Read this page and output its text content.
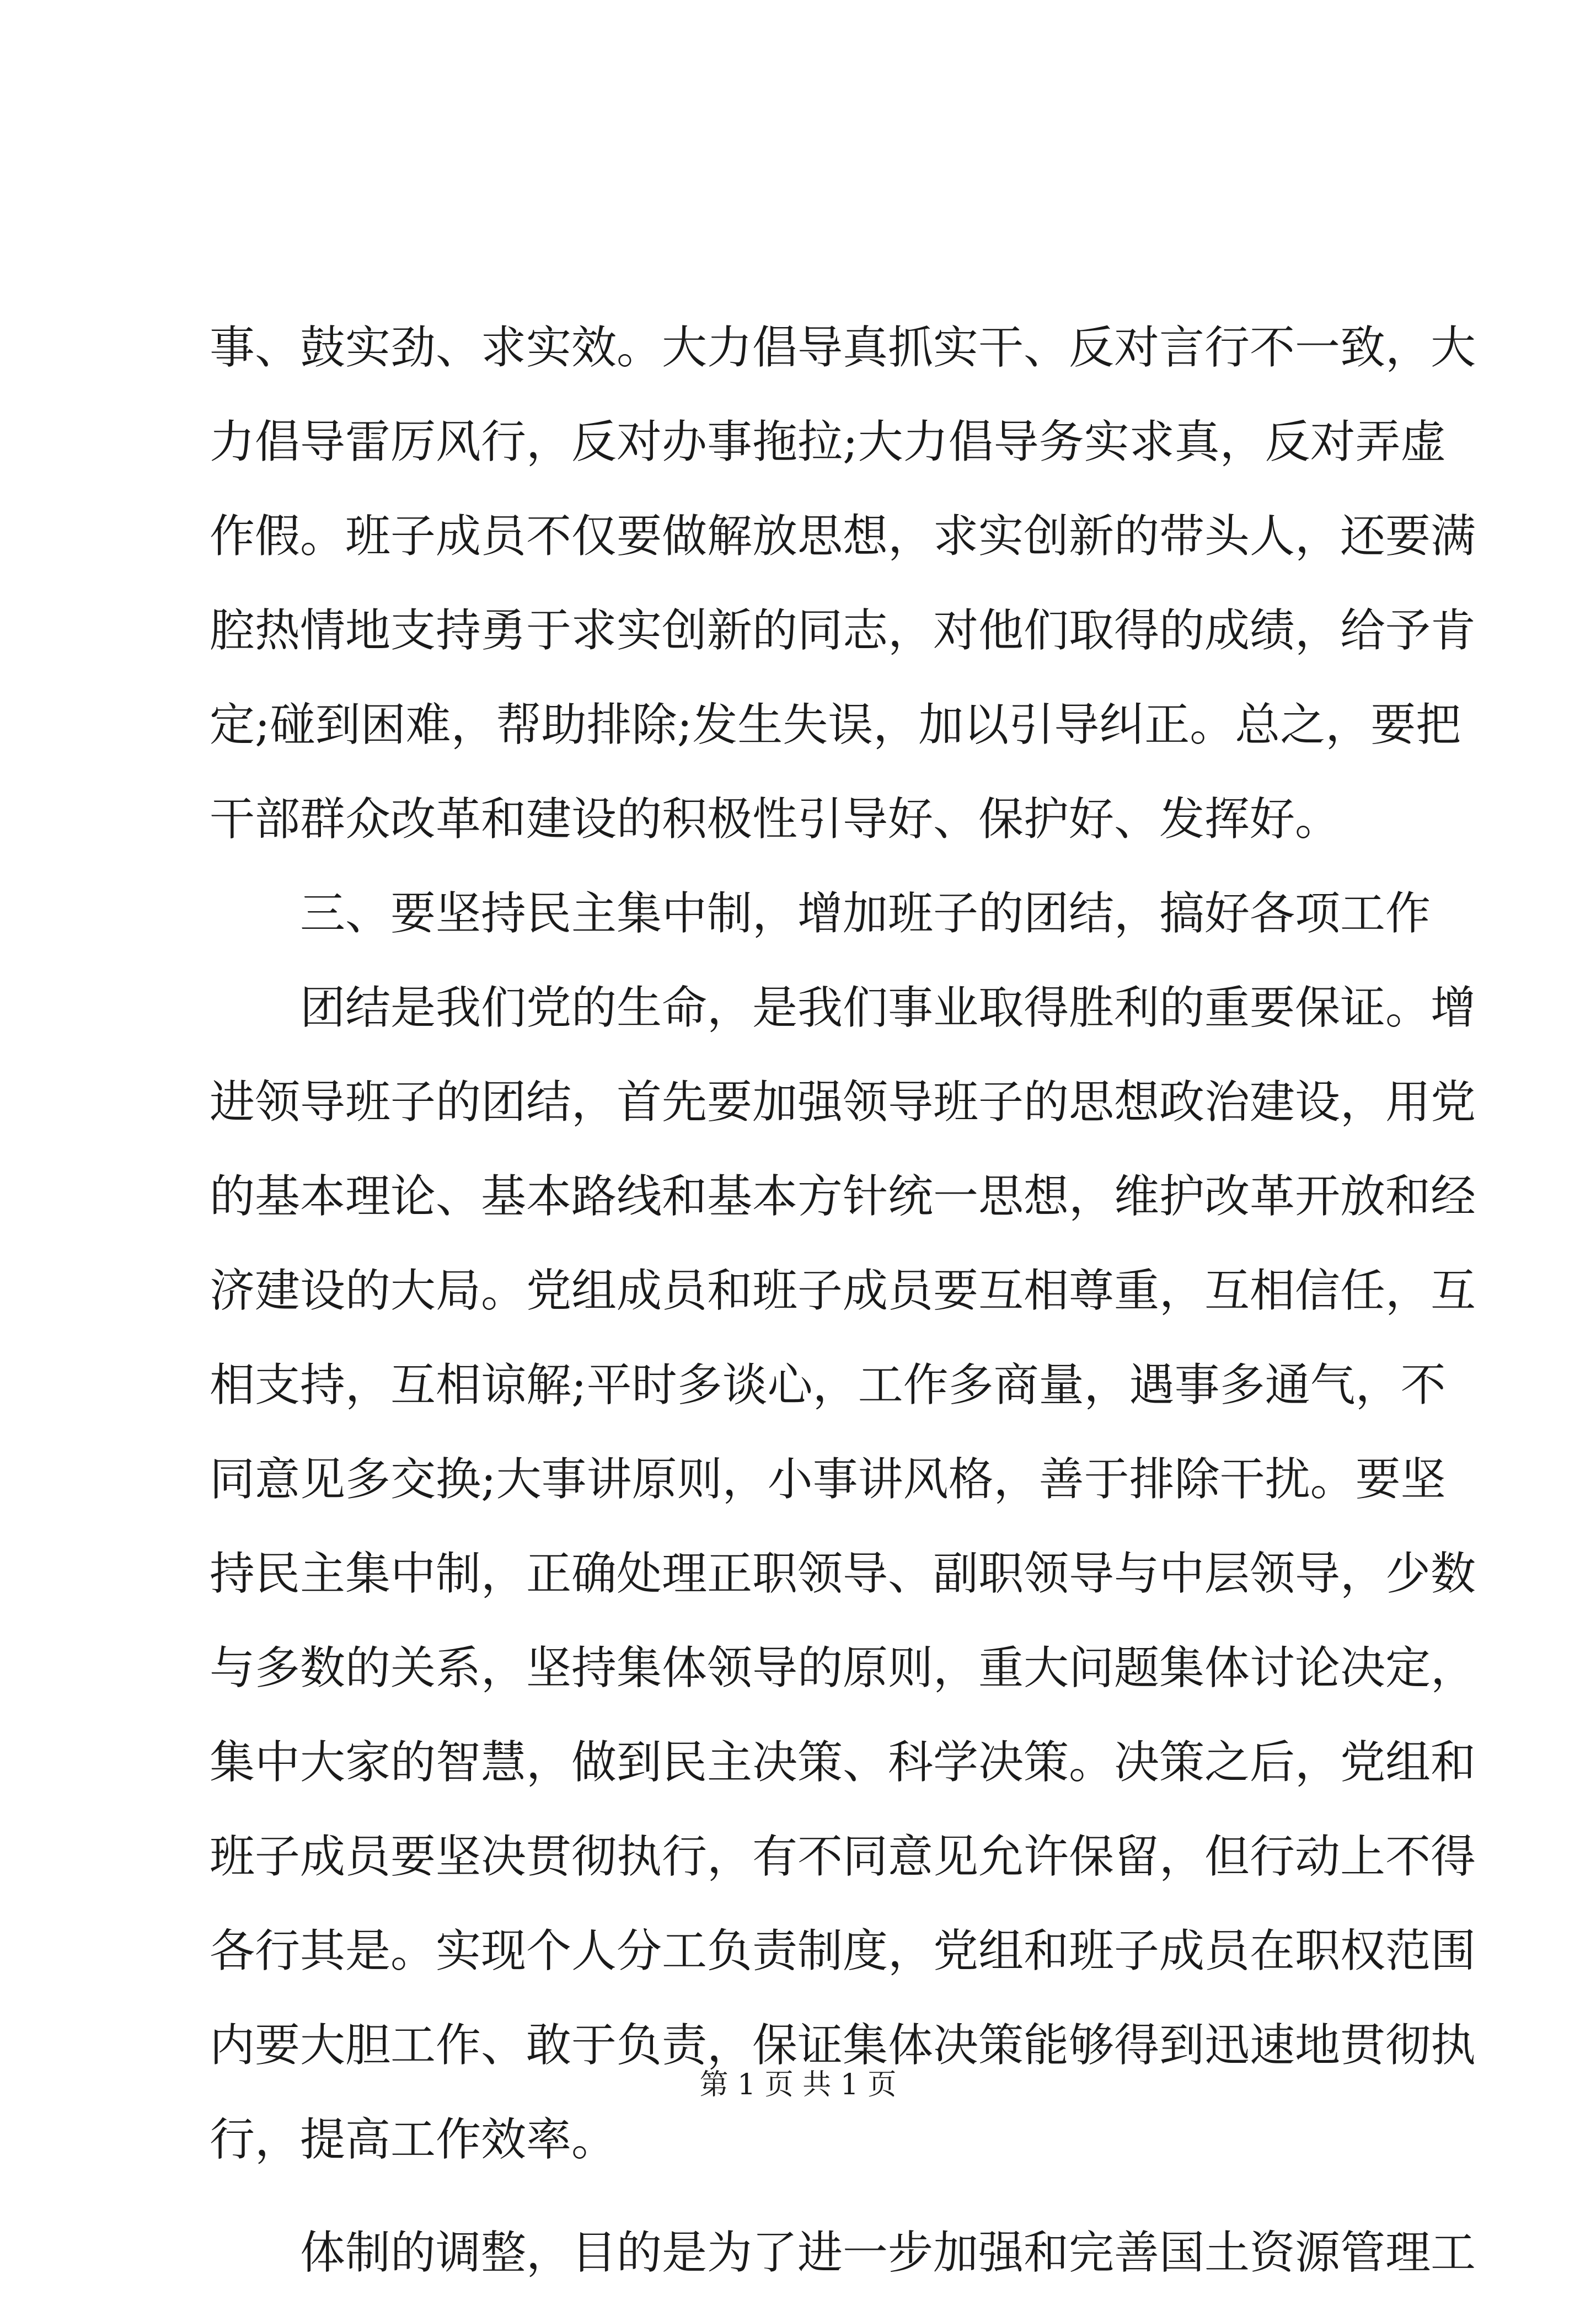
事、鼓实劲、求实效。大力倡导真抓实干、反对言行不一致，大
力倡导雷厉风行，反对办事拖拉;大力倡导务实求真，反对弄虚
作假。班子成员不仅要做解放思想，求实创新的带头人，还要满
腔热情地支持勇于求实创新的同志，对他们取得的成绩，给予肯
定;碰到困难，帮助排除;发生失误，加以引导纠正。总之，要把
干部群众改革和建设的积极性引导好、保护好、发挥好。
三、要坚持民主集中制，增加班子的团结，搞好各项工作
团结是我们党的生命，是我们事业取得胜利的重要保证。增
进领导班子的团结，首先要加强领导班子的思想政治建设，用党
的基本理论、基本路线和基本方针统一思想，维护改革开放和经
济建设的大局。党组成员和班子成员要互相尊重，互相信任，互
相支持，互相谅解;平时多谈心，工作多商量，遇事多通气，不
同意见多交换;大事讲原则，小事讲风格，善于排除干扰。要坚
持民主集中制，正确处理正职领导、副职领导与中层领导，少数
与多数的关系，坚持集体领导的原则，重大问题集体讨论决定，
集中大家的智慧，做到民主决策、科学决策。决策之后，党组和
班子成员要坚决贯彻执行，有不同意见允许保留，但行动上不得
各行其是。实现个人分工负责制度，党组和班子成员在职权范围
内要大胆工作、敢于负责，保证集体决策能够得到迅速地贯彻执
行，提高工作效率。
体制的调整，目的是为了进一步加强和完善国土资源管理工
第 1 页 共 1 页
